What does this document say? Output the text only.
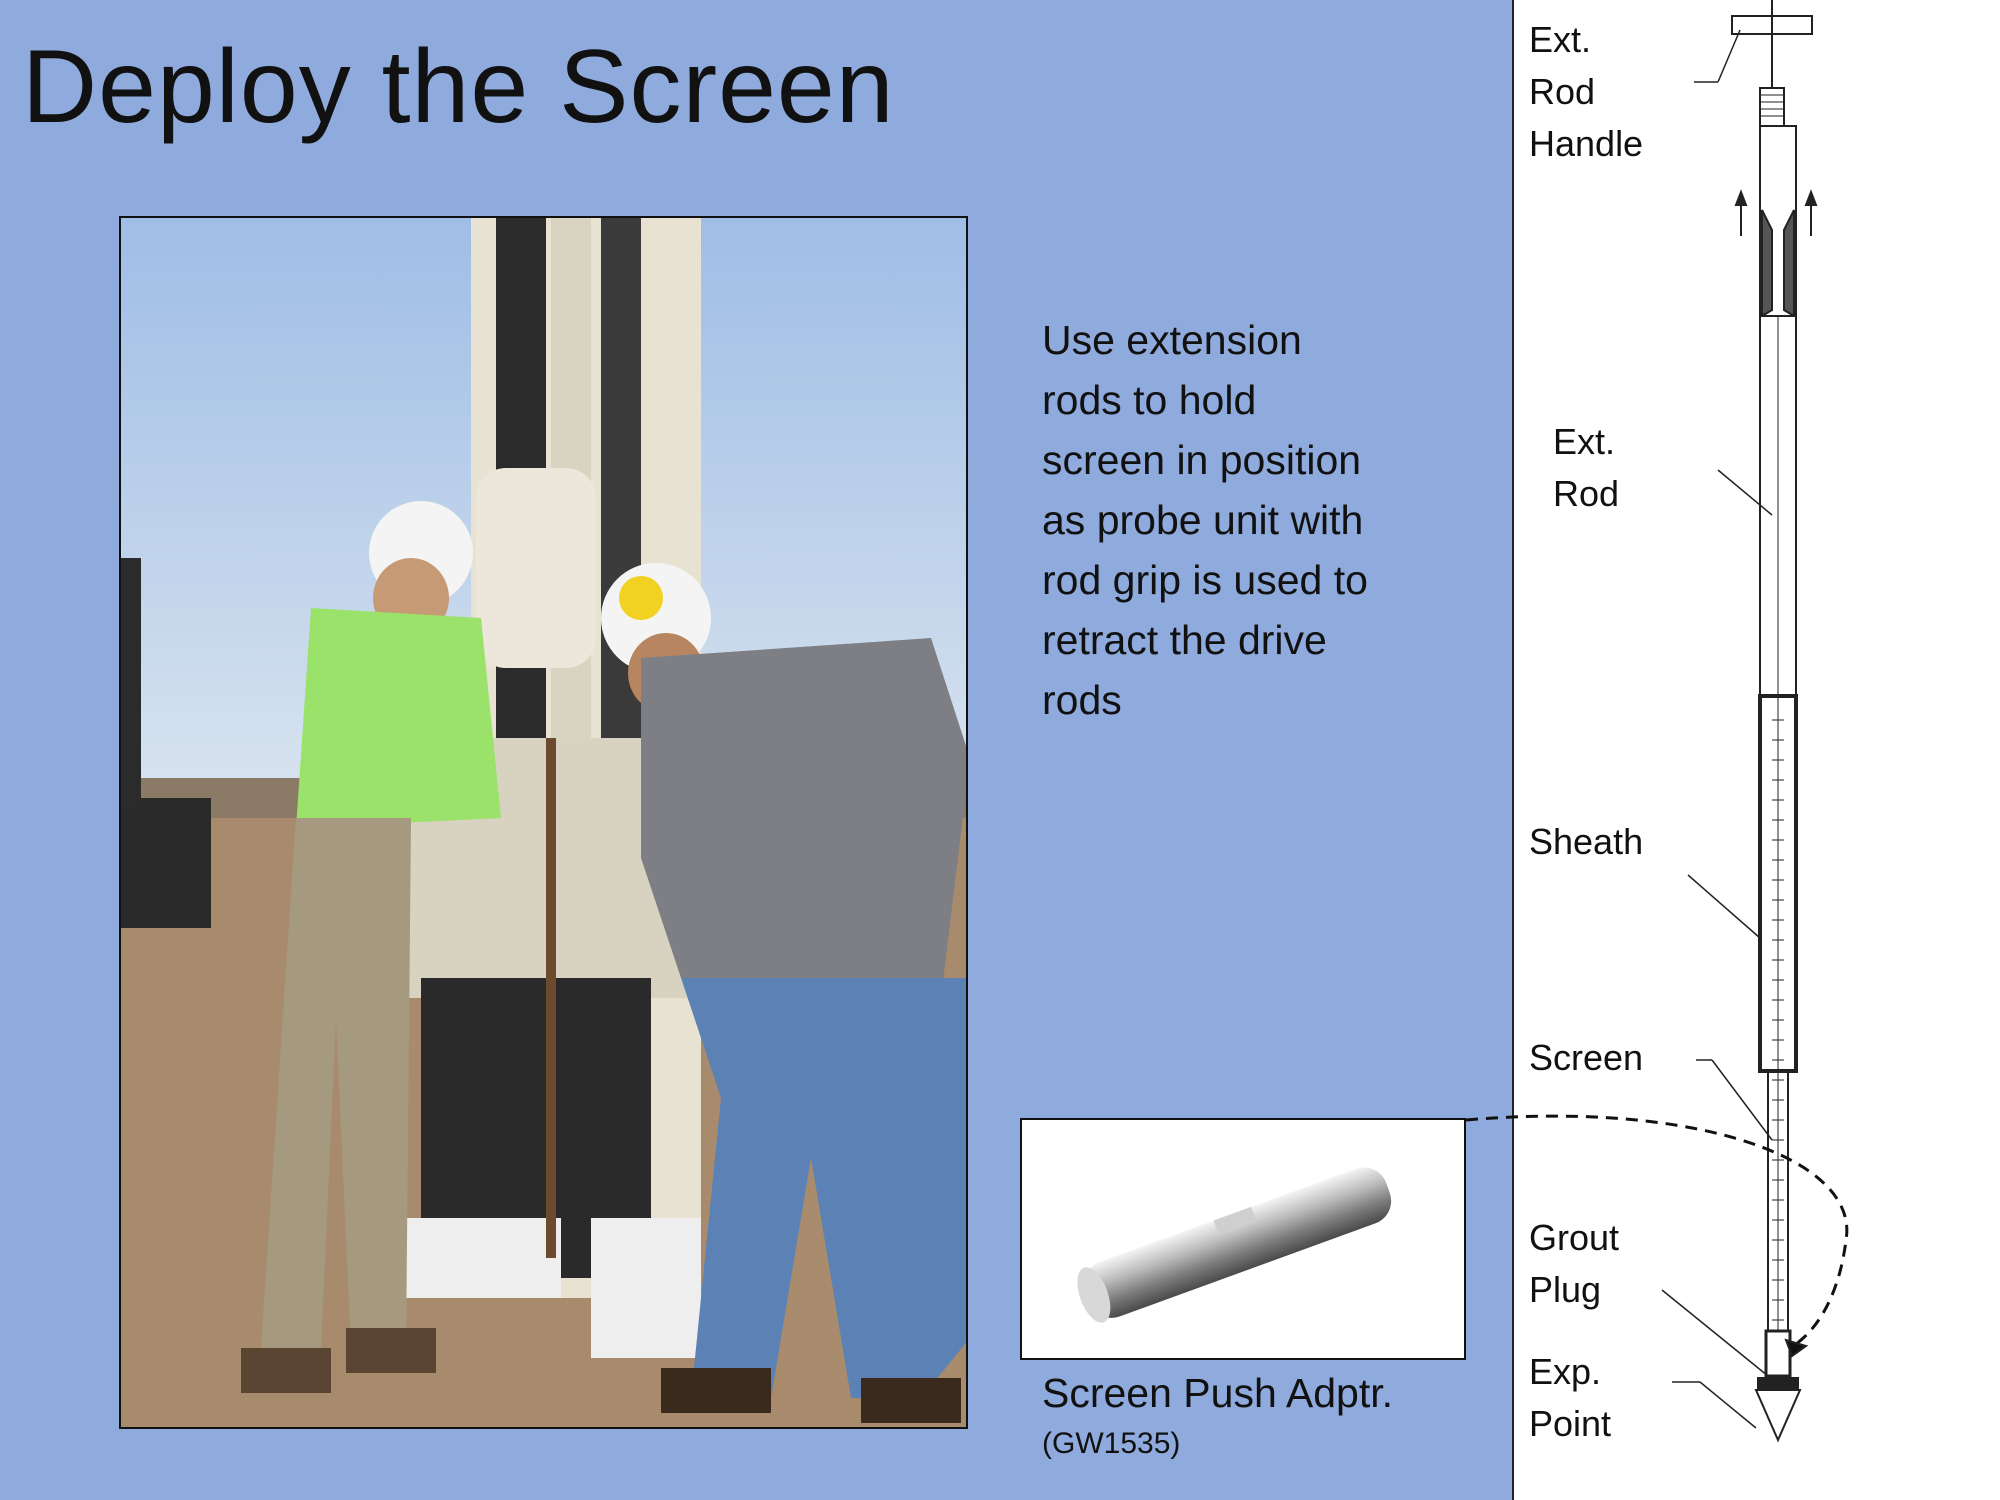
Deploy the Screen
Use extension
rods to hold
screen in position
as probe unit with
rod grip is used to
retract the drive
rods
Screen Push Adptr.
(GW1535)
Ext.
Rod
Handle
Ext.
Rod
Sheath
Screen
Grout
Plug
Exp.
Point
